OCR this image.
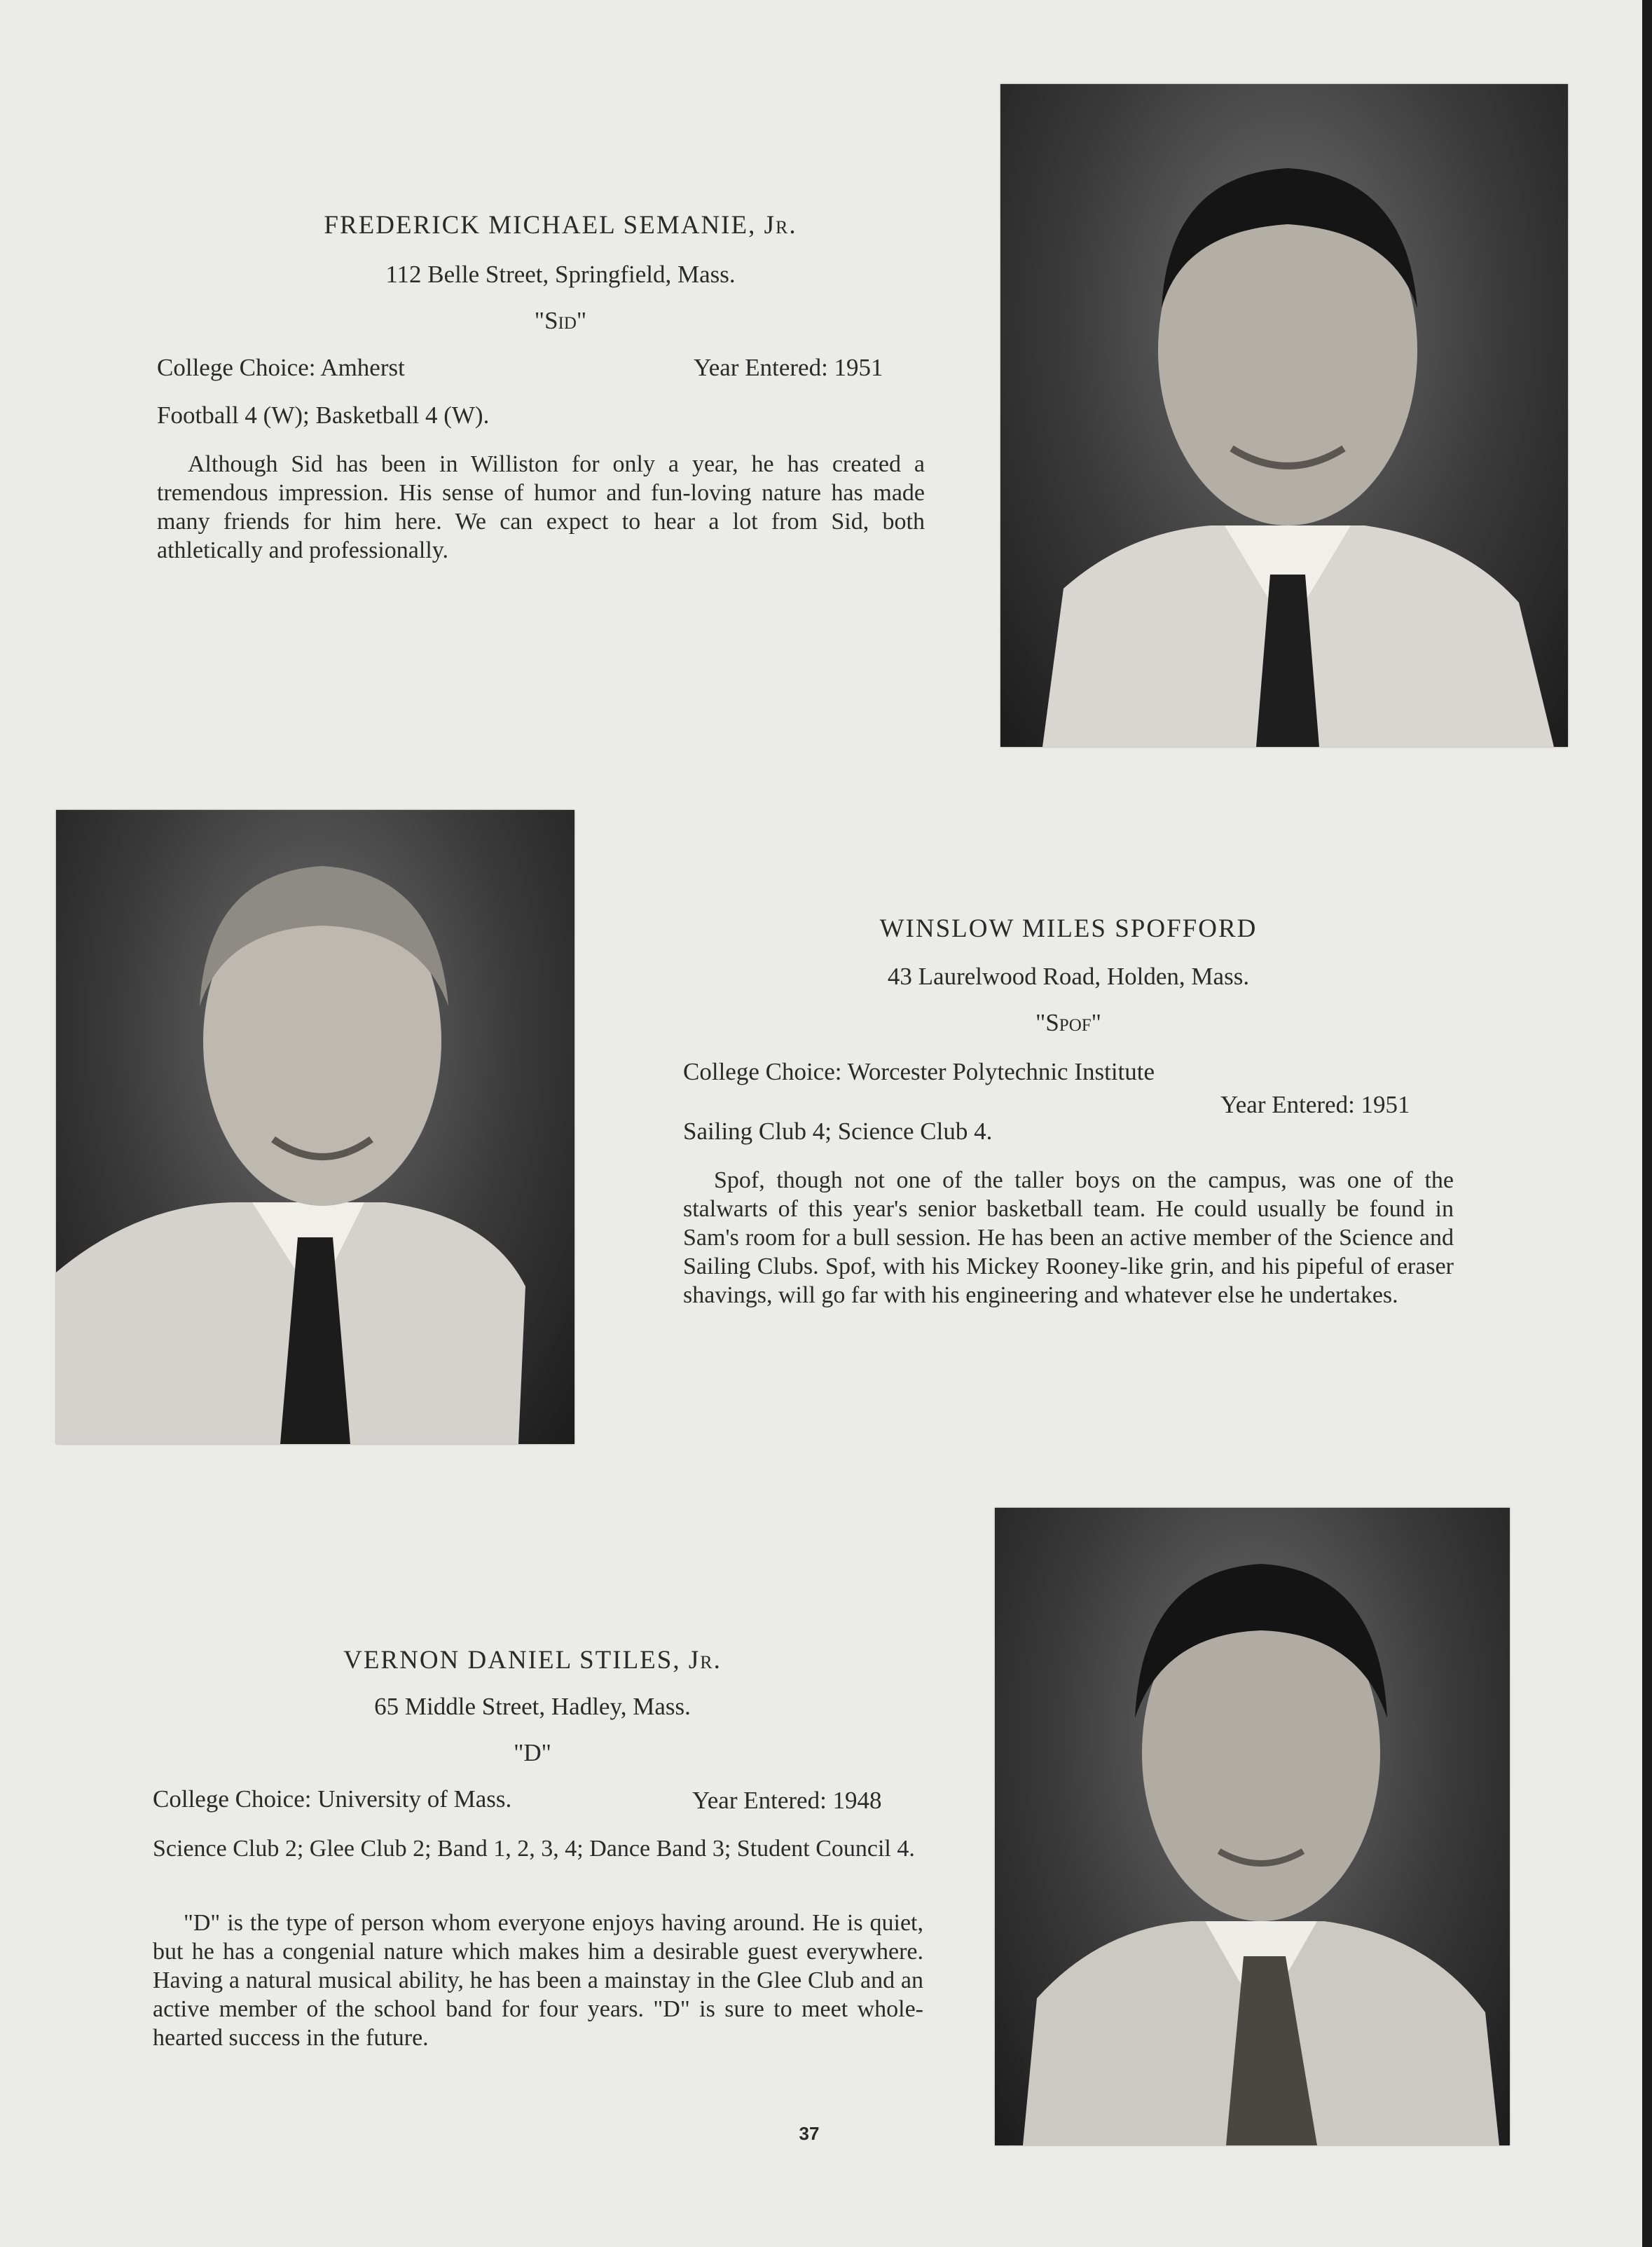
FREDERICK MICHAEL SEMANIE, Jr.
112 Belle Street, Springfield, Mass.
"Sid"
College Choice: Amherst	Year Entered: 1951
Football 4 (W); Basketball 4 (W).

Although Sid has been in Williston for only a year, he has created a tremendous impression. His sense of humor and fun-loving nature has made many friends for him here. We can expect to hear a lot from Sid, both athletically and professionally.

WINSLOW MILES SPOFFORD
43 Laurelwood Road, Holden, Mass.
"Spof"
College Choice: Worcester Polytechnic Institute
Year Entered: 1951
Sailing Club 4; Science Club 4.

Spof, though not one of the taller boys on the campus, was one of the stalwarts of this year's senior basketball team. He could usually be found in Sam's room for a bull session. He has been an active member of the Science and Sailing Clubs. Spof, with his Mickey Rooney-like grin, and his pipeful of eraser shavings, will go far with his engineering and whatever else he undertakes.

VERNON DANIEL STILES, Jr.
65 Middle Street, Hadley, Mass.
"D"
College Choice: University of Mass.	Year Entered: 1948
Science Club 2; Glee Club 2; Band 1, 2, 3, 4; Dance Band 3; Student Council 4.

"D" is the type of person whom everyone enjoys having around. He is quiet, but he has a congenial nature which makes him a desirable guest everywhere. Having a natural musical ability, he has been a mainstay in the Glee Club and an active member of the school band for four years. "D" is sure to meet whole-hearted success in the future.

37
